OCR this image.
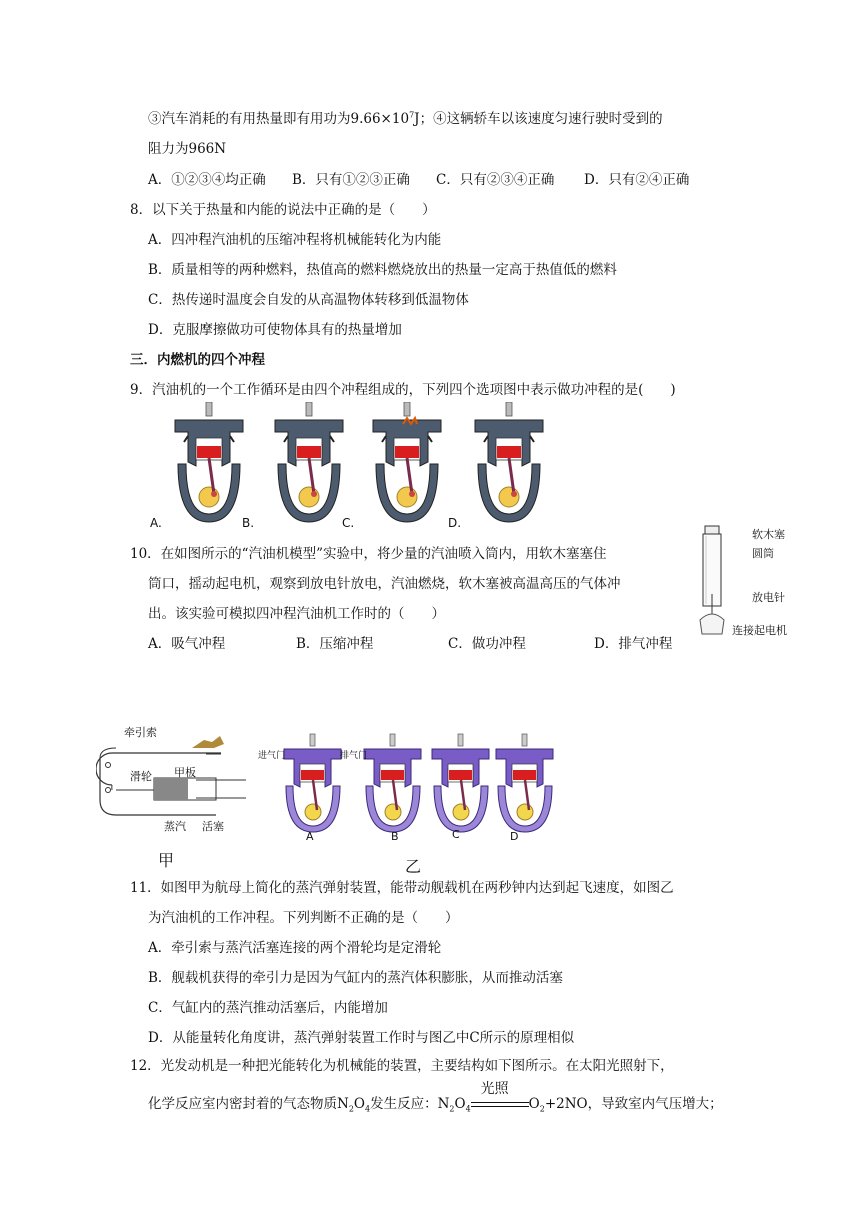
③汽车消耗的有用热量即有用功为$9.66\times 10^7J$；④这辆轿车以该速度匀速行驶时受到的
阻力为966N
A．①②③④均正确 B．只有①②③正确 C．只有②③④正确 D．只有②④正确
8．以下关于热量和内能的说法中正确的是（　　）
A．四冲程汽油机的压缩冲程将机械能转化为内能
B．质量相等的两种燃料，热值高的燃料燃烧放出的热量一定高于热值低的燃料
C．热传递时温度会自发的从高温物体转移到低温物体
D．克服摩擦做功可使物体具有的热量增加
三．内燃机的四个冲程
9．汽油机的一个工作循环是由四个冲程组成的，下列四个选项图中表示做功冲程的是(　　)
A.	B.	C.	D.
10．在如图所示的“汽油机模型”实验中，将少量的汽油喷入筒内，用软木塞塞住
筒口，摇动起电机，观察到放电针放电，汽油燃烧，软木塞被高温高压的气体冲
出。该实验可模拟四冲程汽油机工作时的（　　）
A．吸气冲程	B．压缩冲程	C．做功冲程	D．排气冲程
软木塞
圆筒
放电针
连接起电机
牵引索
滑轮 甲板
蒸汽 活塞
甲
进气门	排气门
A	B	C	D
乙
11．如图甲为航母上简化的蒸汽弹射装置，能带动舰载机在两秒钟内达到起飞速度，如图乙
为汽油机的工作冲程。下列判断不正确的是（　　）
A．牵引索与蒸汽活塞连接的两个滑轮均是定滑轮
B．舰载机获得的牵引力是因为气缸内的蒸汽体积膨胀，从而推动活塞
C．气缸内的蒸汽推动活塞后，内能增加
D．从能量转化角度讲，蒸汽弹射装置工作时与图乙中C所示的原理相似
12．光发动机是一种把光能转化为机械能的装置，主要结构如下图所示。在太阳光照射下，
化学反应室内密封着的气态物质$N_2O_4$发生反应：$N_2O_4$
光照
$O_2+2NO$，导致室内气压增大；
